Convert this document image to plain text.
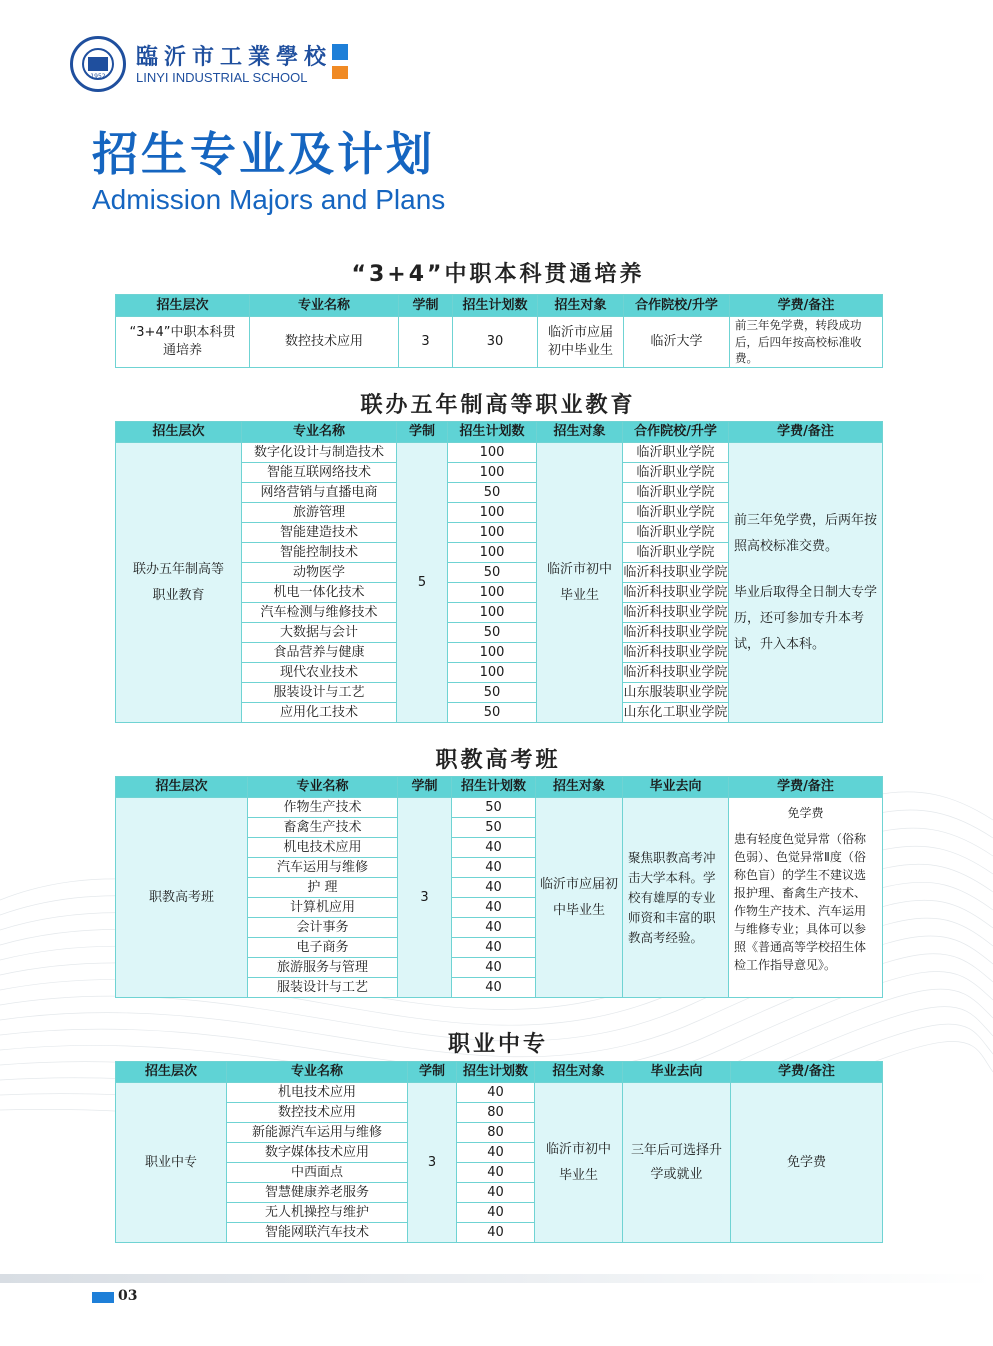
1952
臨沂市工業學校
LINYI INDUSTRIAL SCHOOL
招生专业及计划
Admission Majors and Plans
“3+4”中职本科贯通培养
招生层次	专业名称	学制	招生计划数	招生对象	合作院校/升学	学费/备注
“3+4”中职本科贯通培养	数控技术应用	3	30	临沂市应届初中毕业生	临沂大学	前三年免学费，转段成功后，后四年按高校标准收费。
联办五年制高等职业教育
招生层次	专业名称	学制	招生计划数	招生对象	合作院校/升学	学费/备注
联办五年制高等职业教育	数字化设计与制造技术	5	100	临沂市初中毕业生	临沂职业学院	前三年免学费，后两年按照高校标准交费。
毕业后取得全日制大专学历，还可参加专升本考试，升入本科。

	智能互联网络技术		100		临沂职业学院	
	网络营销与直播电商		50		临沂职业学院	
	旅游管理		100		临沂职业学院	
	智能建造技术		100		临沂职业学院	
	智能控制技术		100		临沂职业学院	
	动物医学		50		临沂科技职业学院	
	机电一体化技术		100		临沂科技职业学院	
	汽车检测与维修技术		100		临沂科技职业学院	
	大数据与会计		50		临沂科技职业学院	
	食品营养与健康		100		临沂科技职业学院	
	现代农业技术		100		临沂科技职业学院	
	服装设计与工艺		50		山东服装职业学院	
	应用化工技术		50		山东化工职业学院	
职教高考班
招生层次	专业名称	学制	招生计划数	招生对象	毕业去向	学费/备注
职教高考班	作物生产技术	3	50	临沂市应届初中毕业生	聚焦职教高考冲击大学本科。学校有雄厚的专业师资和丰富的职教高考经验。	免学费
患有轻度色觉异常（俗称色弱）、色觉异常Ⅱ度（俗称色盲）的学生不建议选报护理、畜禽生产技术、作物生产技术、汽车运用与维修专业；具体可以参照《普通高等学校招生体检工作指导意见》。

	畜禽生产技术		50			
	机电技术应用		40			
	汽车运用与维修		40			
	护 理		40			
	计算机应用		40			
	会计事务		40			
	电子商务		40			
	旅游服务与管理		40			
	服装设计与工艺		40			
职业中专
招生层次	专业名称	学制	招生计划数	招生对象	毕业去向	学费/备注
职业中专	机电技术应用	3	40	临沂市初中毕业生	三年后可选择升学或就业	免学费
	数控技术应用		80			
	新能源汽车运用与维修		80			
	数字媒体技术应用		40			
	中西面点		40			
	智慧健康养老服务		40			
	无人机操控与维护		40			
	智能网联汽车技术		40			
03
